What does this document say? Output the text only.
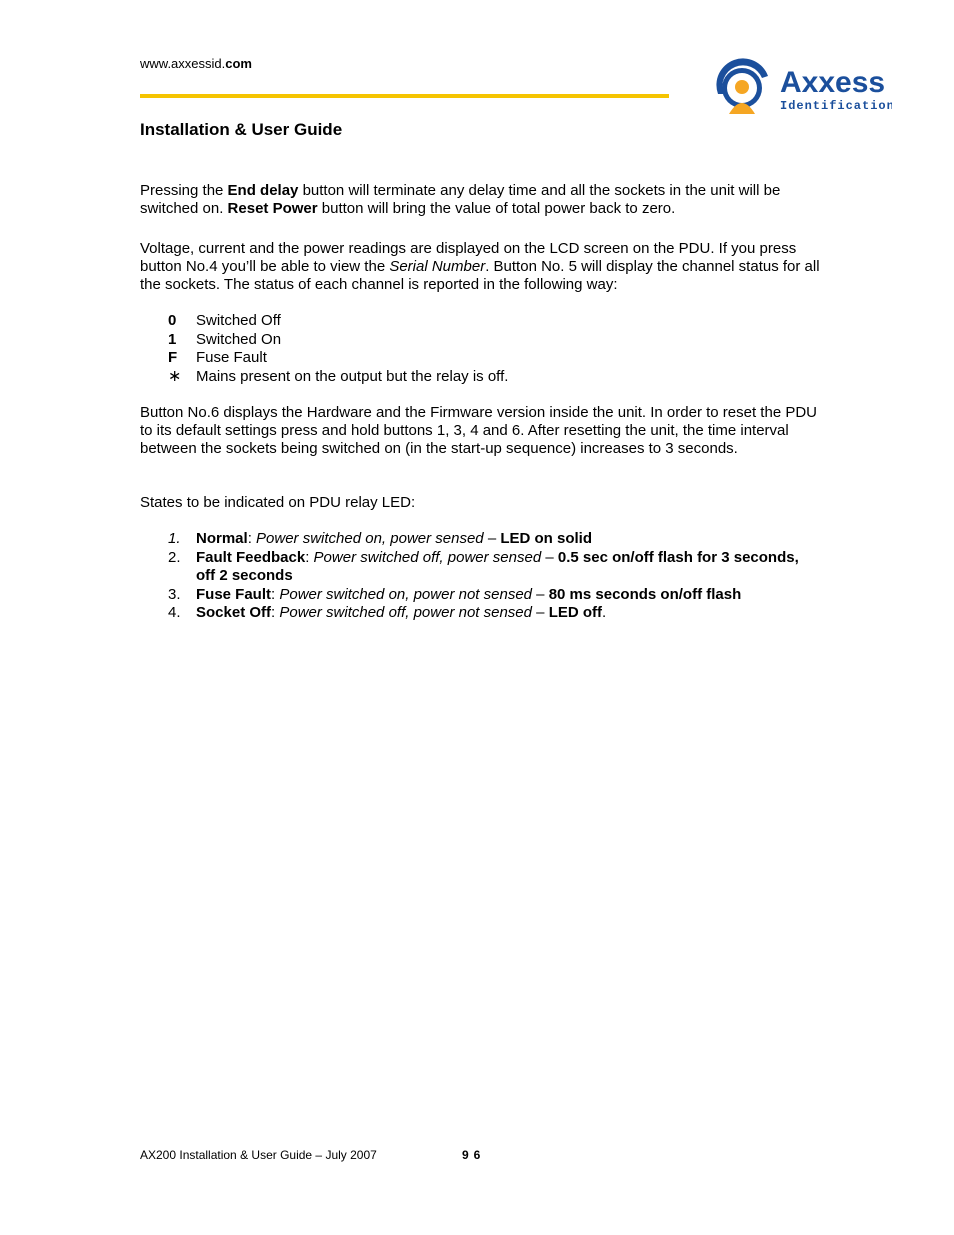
www.axxessid.com
Axxess
Identification
Installation & User Guide
Pressing the End delay button will terminate any delay time and all the sockets in the unit will be switched on. Reset Power button will bring the value of total power back to zero.
Voltage, current and the power readings are displayed on the LCD screen on the PDU. If you press button No.4 you’ll be able to view the Serial Number. Button No. 5 will display the channel status for all the sockets. The status of each channel is reported in the following way:
0	Switched Off
1	Switched On
F	Fuse Fault
∗ Mains present on the output but the relay is off.
Button No.6 displays the Hardware and the Firmware version inside the unit. In order to reset the PDU to its default settings press and hold buttons 1, 3, 4 and 6. After resetting the unit, the time interval between the sockets being switched on (in the start-up sequence) increases to 3 seconds.
States to be indicated on PDU relay LED:
1.	Normal: Power switched on, power sensed – LED on solid
2.	Fault Feedback: Power switched off, power sensed – 0.5 sec on/off flash for 3 seconds, off 2 seconds
3.	Fuse Fault: Power switched on, power not sensed – 80 ms seconds on/off flash
4.	Socket Off: Power switched off, power not sensed – LED off.
AX200 Installation & User Guide – July 2007	96
